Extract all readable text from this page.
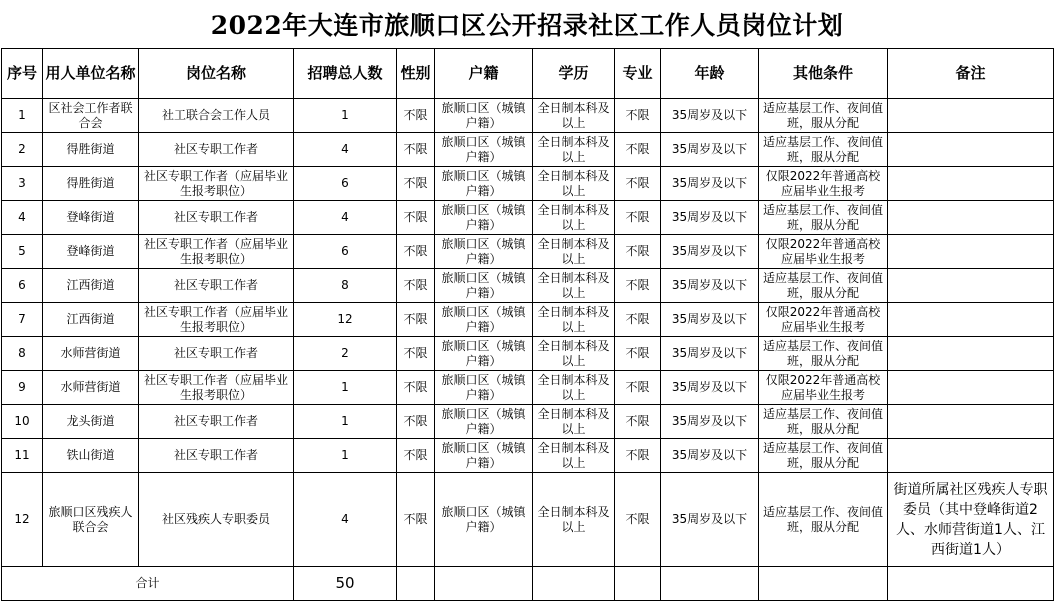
2022年大连市旅顺口区公开招录社区工作人员岗位计划
序号	用人单位名称	岗位名称	招聘总人数	性别	户籍	学历	专业	年龄	其他条件	备注
1	区社会工作者联合会	社工联合会工作人员	1	不限	旅顺口区（城镇户籍）	全日制本科及以上	不限	35周岁及以下	适应基层工作、夜间值班，服从分配	
2	得胜街道	社区专职工作者	4	不限	旅顺口区（城镇户籍）	全日制本科及以上	不限	35周岁及以下	适应基层工作、夜间值班，服从分配	
3	得胜街道	社区专职工作者（应届毕业生报考职位）	6	不限	旅顺口区（城镇户籍）	全日制本科及以上	不限	35周岁及以下	仅限2022年普通高校应届毕业生报考	
4	登峰街道	社区专职工作者	4	不限	旅顺口区（城镇户籍）	全日制本科及以上	不限	35周岁及以下	适应基层工作、夜间值班，服从分配	
5	登峰街道	社区专职工作者（应届毕业生报考职位）	6	不限	旅顺口区（城镇户籍）	全日制本科及以上	不限	35周岁及以下	仅限2022年普通高校应届毕业生报考	
6	江西街道	社区专职工作者	8	不限	旅顺口区（城镇户籍）	全日制本科及以上	不限	35周岁及以下	适应基层工作、夜间值班，服从分配	
7	江西街道	社区专职工作者（应届毕业生报考职位）	12	不限	旅顺口区（城镇户籍）	全日制本科及以上	不限	35周岁及以下	仅限2022年普通高校应届毕业生报考	
8	水师营街道	社区专职工作者	2	不限	旅顺口区（城镇户籍）	全日制本科及以上	不限	35周岁及以下	适应基层工作、夜间值班，服从分配	
9	水师营街道	社区专职工作者（应届毕业生报考职位）	1	不限	旅顺口区（城镇户籍）	全日制本科及以上	不限	35周岁及以下	仅限2022年普通高校应届毕业生报考	
10	龙头街道	社区专职工作者	1	不限	旅顺口区（城镇户籍）	全日制本科及以上	不限	35周岁及以下	适应基层工作、夜间值班，服从分配	
11	铁山街道	社区专职工作者	1	不限	旅顺口区（城镇户籍）	全日制本科及以上	不限	35周岁及以下	适应基层工作、夜间值班，服从分配	
12	旅顺口区残疾人联合会	社区残疾人专职委员	4	不限	旅顺口区（城镇户籍）	全日制本科及以上	不限	35周岁及以下	适应基层工作、夜间值班，服从分配	街道所属社区残疾人专职委员（其中登峰街道2人、水师营街道1人、江西街道1人）
合计			50							
